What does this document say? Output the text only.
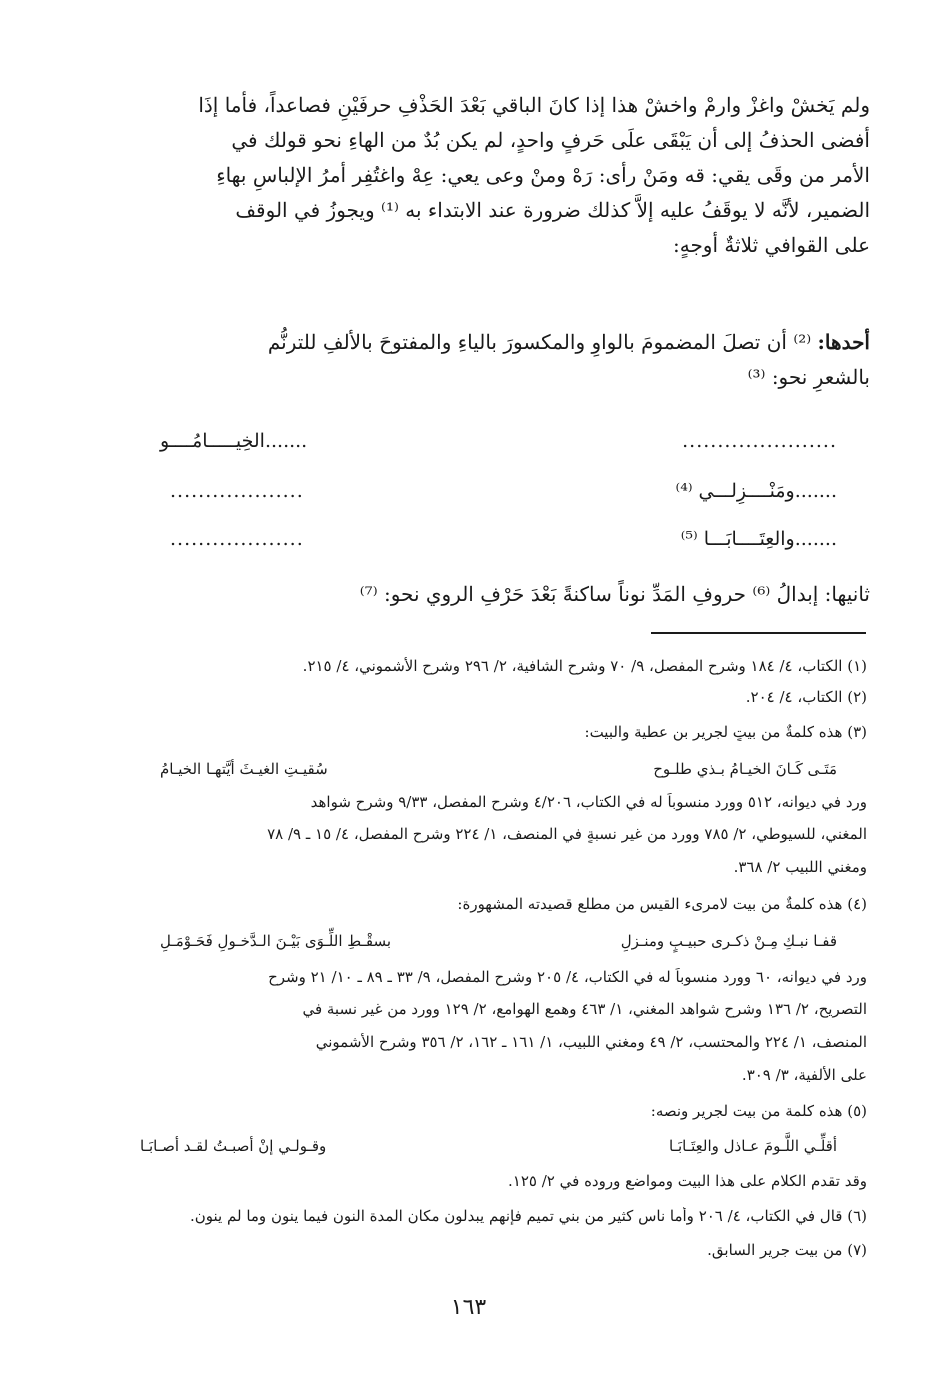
ولم يَخشْ واغزْ وارمْ واخشْ هذا إذا كانَ الباقي بَعْدَ الحَذْفِ حرفَيْنِ فصاعداً، فأما إذَا
أفضى الحذفُ إلى أن يَبْقَى علَى حَرفٍ واحدٍ، لم يكن بُدٌ من الهاءِ نحو قولك في
الأمر من وقَى يقي: قه ومَنْ رأى: رَهْ ومنْ وعى يعي: عِهْ واغتُفِر أمرُ الإلباسِ بهاءِ
الضمير، لأنَّه لا يوقَفُ عليه إلاَّ كذلك ضرورة عند الابتداء به ⁽¹⁾ ويجوزُ في الوقف
على القوافي ثلاثةٌ أوجهٍ:
أحدها: ⁽²⁾ أن تصلَ المضمومَ بالواوِ والمكسورَ بالياءِ والمفتوحَ بالألفِ للترنُّم
بالشعرِ نحو: ⁽³⁾
......................
.......الخِيـــــامُــــو
.......ومَنْــــزِلـــي ⁽⁴⁾
...................
.......والعِتَــــابَـــا ⁽⁵⁾
...................
ثانيها: إبدالُ ⁽⁶⁾ حروفِ المَدِّ نوناً ساكنةً بَعْدَ حَرْفِ الروي نحو: ⁽⁷⁾
(١) الكتاب، ٤/ ١٨٤ وشرح المفصل، ٩/ ٧٠ وشرح الشافية، ٢/ ٢٩٦ وشرح الأشموني، ٤/ ٢١٥.
(٢) الكتاب، ٤/ ٢٠٤.
(٣) هذه كلمةٌ من بيتٍ لجرير بن عطية والبيت:
مَتَـى كَـانَ الخيـامُ بـذي طلـوح
سُقيـتِ الغيـثَ أيَّتهـا الخيـامُ
ورد في ديوانه، ٥١٢ وورد منسوباً له في الكتاب، ٤/٢٠٦ وشرح المفصل، ٩/٣٣ وشرح شواهد
المغني، للسيوطي، ٢/ ٧٨٥ وورد من غير نسبةٍ في المنصف، ١/ ٢٢٤ وشرح المفصل، ٤/ ١٥ ـ ٩/ ٧٨
ومغني اللبيب ٢/ ٣٦٨.
(٤) هذه كلمةٌ من بيت لامرىء القيس من مطلع قصيدته المشهورة:
قفـا نبـكِ مِـنْ ذكـرى حبيـبٍ ومنـزلِ
بسقْـطِ اللِّـوَى بَيْـنَ الـدَّخـولِ فَحَـوْمَـلِ
ورد في ديوانه، ٦٠ وورد منسوباً له في الكتاب، ٤/ ٢٠٥ وشرح المفصل، ٩/ ٣٣ ـ ٨٩ ـ ١٠/ ٢١ وشرح
التصريح، ٢/ ١٣٦ وشرح شواهد المغني، ١/ ٤٦٣ وهمع الهوامع، ٢/ ١٢٩ وورد من غير نسبة في
المنصف، ١/ ٢٢٤ والمحتسب، ٢/ ٤٩ ومغني اللبيب، ١/ ١٦١ ـ ١٦٢، ٢/ ٣٥٦ وشرح الأشموني
على الألفية، ٣/ ٣٠٩.
(٥) هذه كلمة من بيت لجرير ونصه:
أقلِّـي اللَّـومَ عـاذل والعِتَـابَـا
وقـولـي إنْ أصبـتُ لقـد أصـابَـا
وقد تقدم الكلام على هذا البيت ومواضع وروده في ٢/ ١٢٥.
(٦) قال في الكتاب، ٤/ ٢٠٦ وأما ناس كثير من بني تميم فإنهم يبدلون مكان المدة النون فيما ينون وما لم ينون.
(٧) من بيت جرير السابق.
١٦٣
